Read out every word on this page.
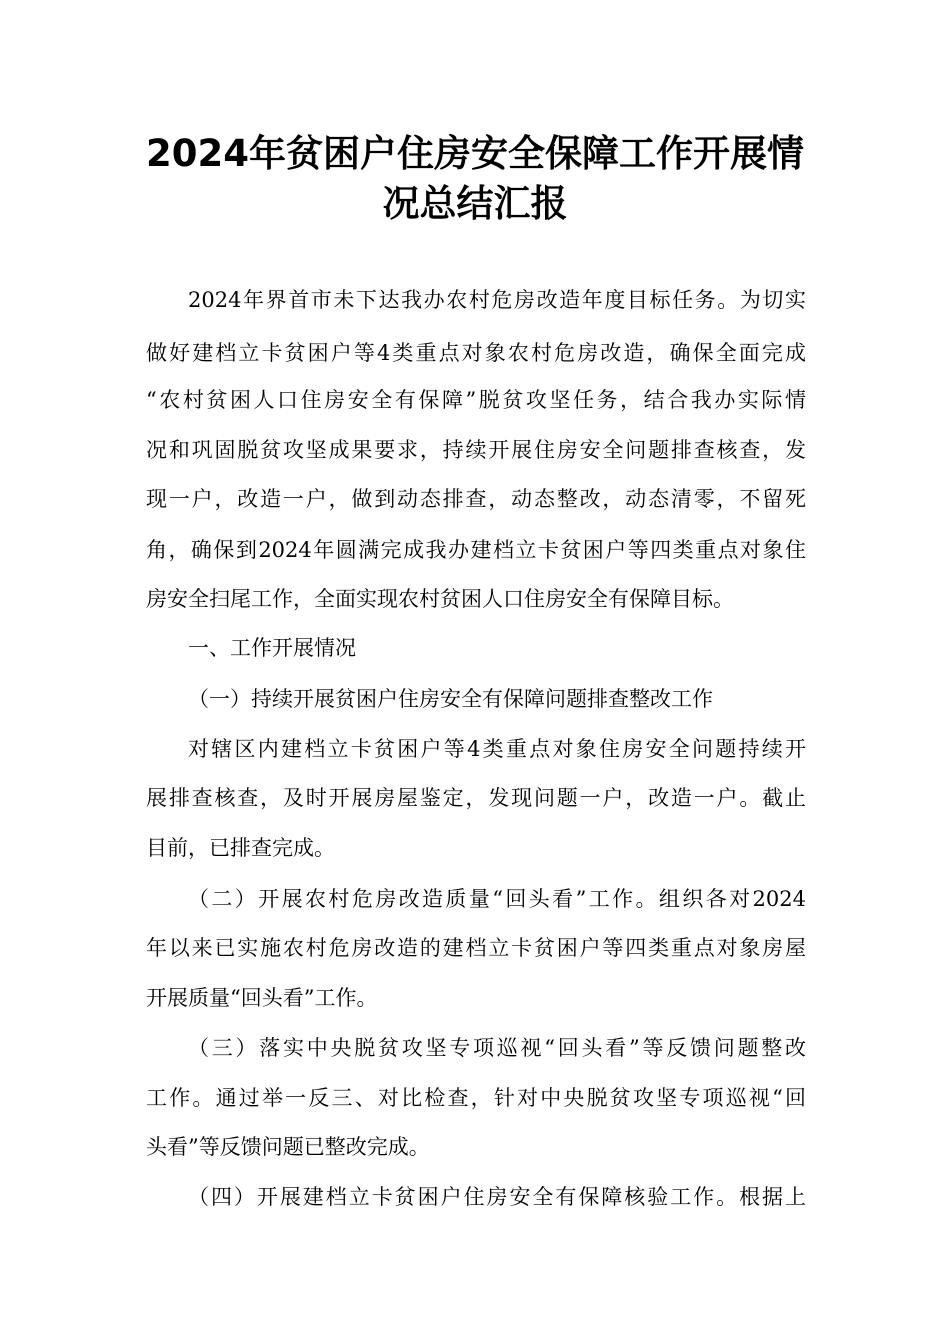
2024年贫困户住房安全保障工作开展情
况总结汇报
2024年界首市未下达我办农村危房改造年度目标任务。为切实
做好建档立卡贫困户等4类重点对象农村危房改造，确保全面完成
“农村贫困人口住房安全有保障”脱贫攻坚任务，结合我办实际情
况和巩固脱贫攻坚成果要求，持续开展住房安全问题排查核查，发
现一户，改造一户，做到动态排查，动态整改，动态清零，不留死
角，确保到2024年圆满完成我办建档立卡贫困户等四类重点对象住
房安全扫尾工作，全面实现农村贫困人口住房安全有保障目标。
一、工作开展情况
（一）持续开展贫困户住房安全有保障问题排查整改工作
对辖区内建档立卡贫困户等4类重点对象住房安全问题持续开
展排查核查，及时开展房屋鉴定，发现问题一户，改造一户。截止
目前，已排查完成。
（二）开展农村危房改造质量“回头看”工作。组织各对2024
年以来已实施农村危房改造的建档立卡贫困户等四类重点对象房屋
开展质量“回头看”工作。
（三）落实中央脱贫攻坚专项巡视“回头看”等反馈问题整改
工作。通过举一反三、对比检查，针对中央脱贫攻坚专项巡视“回
头看”等反馈问题已整改完成。
（四）开展建档立卡贫困户住房安全有保障核验工作。根据上
